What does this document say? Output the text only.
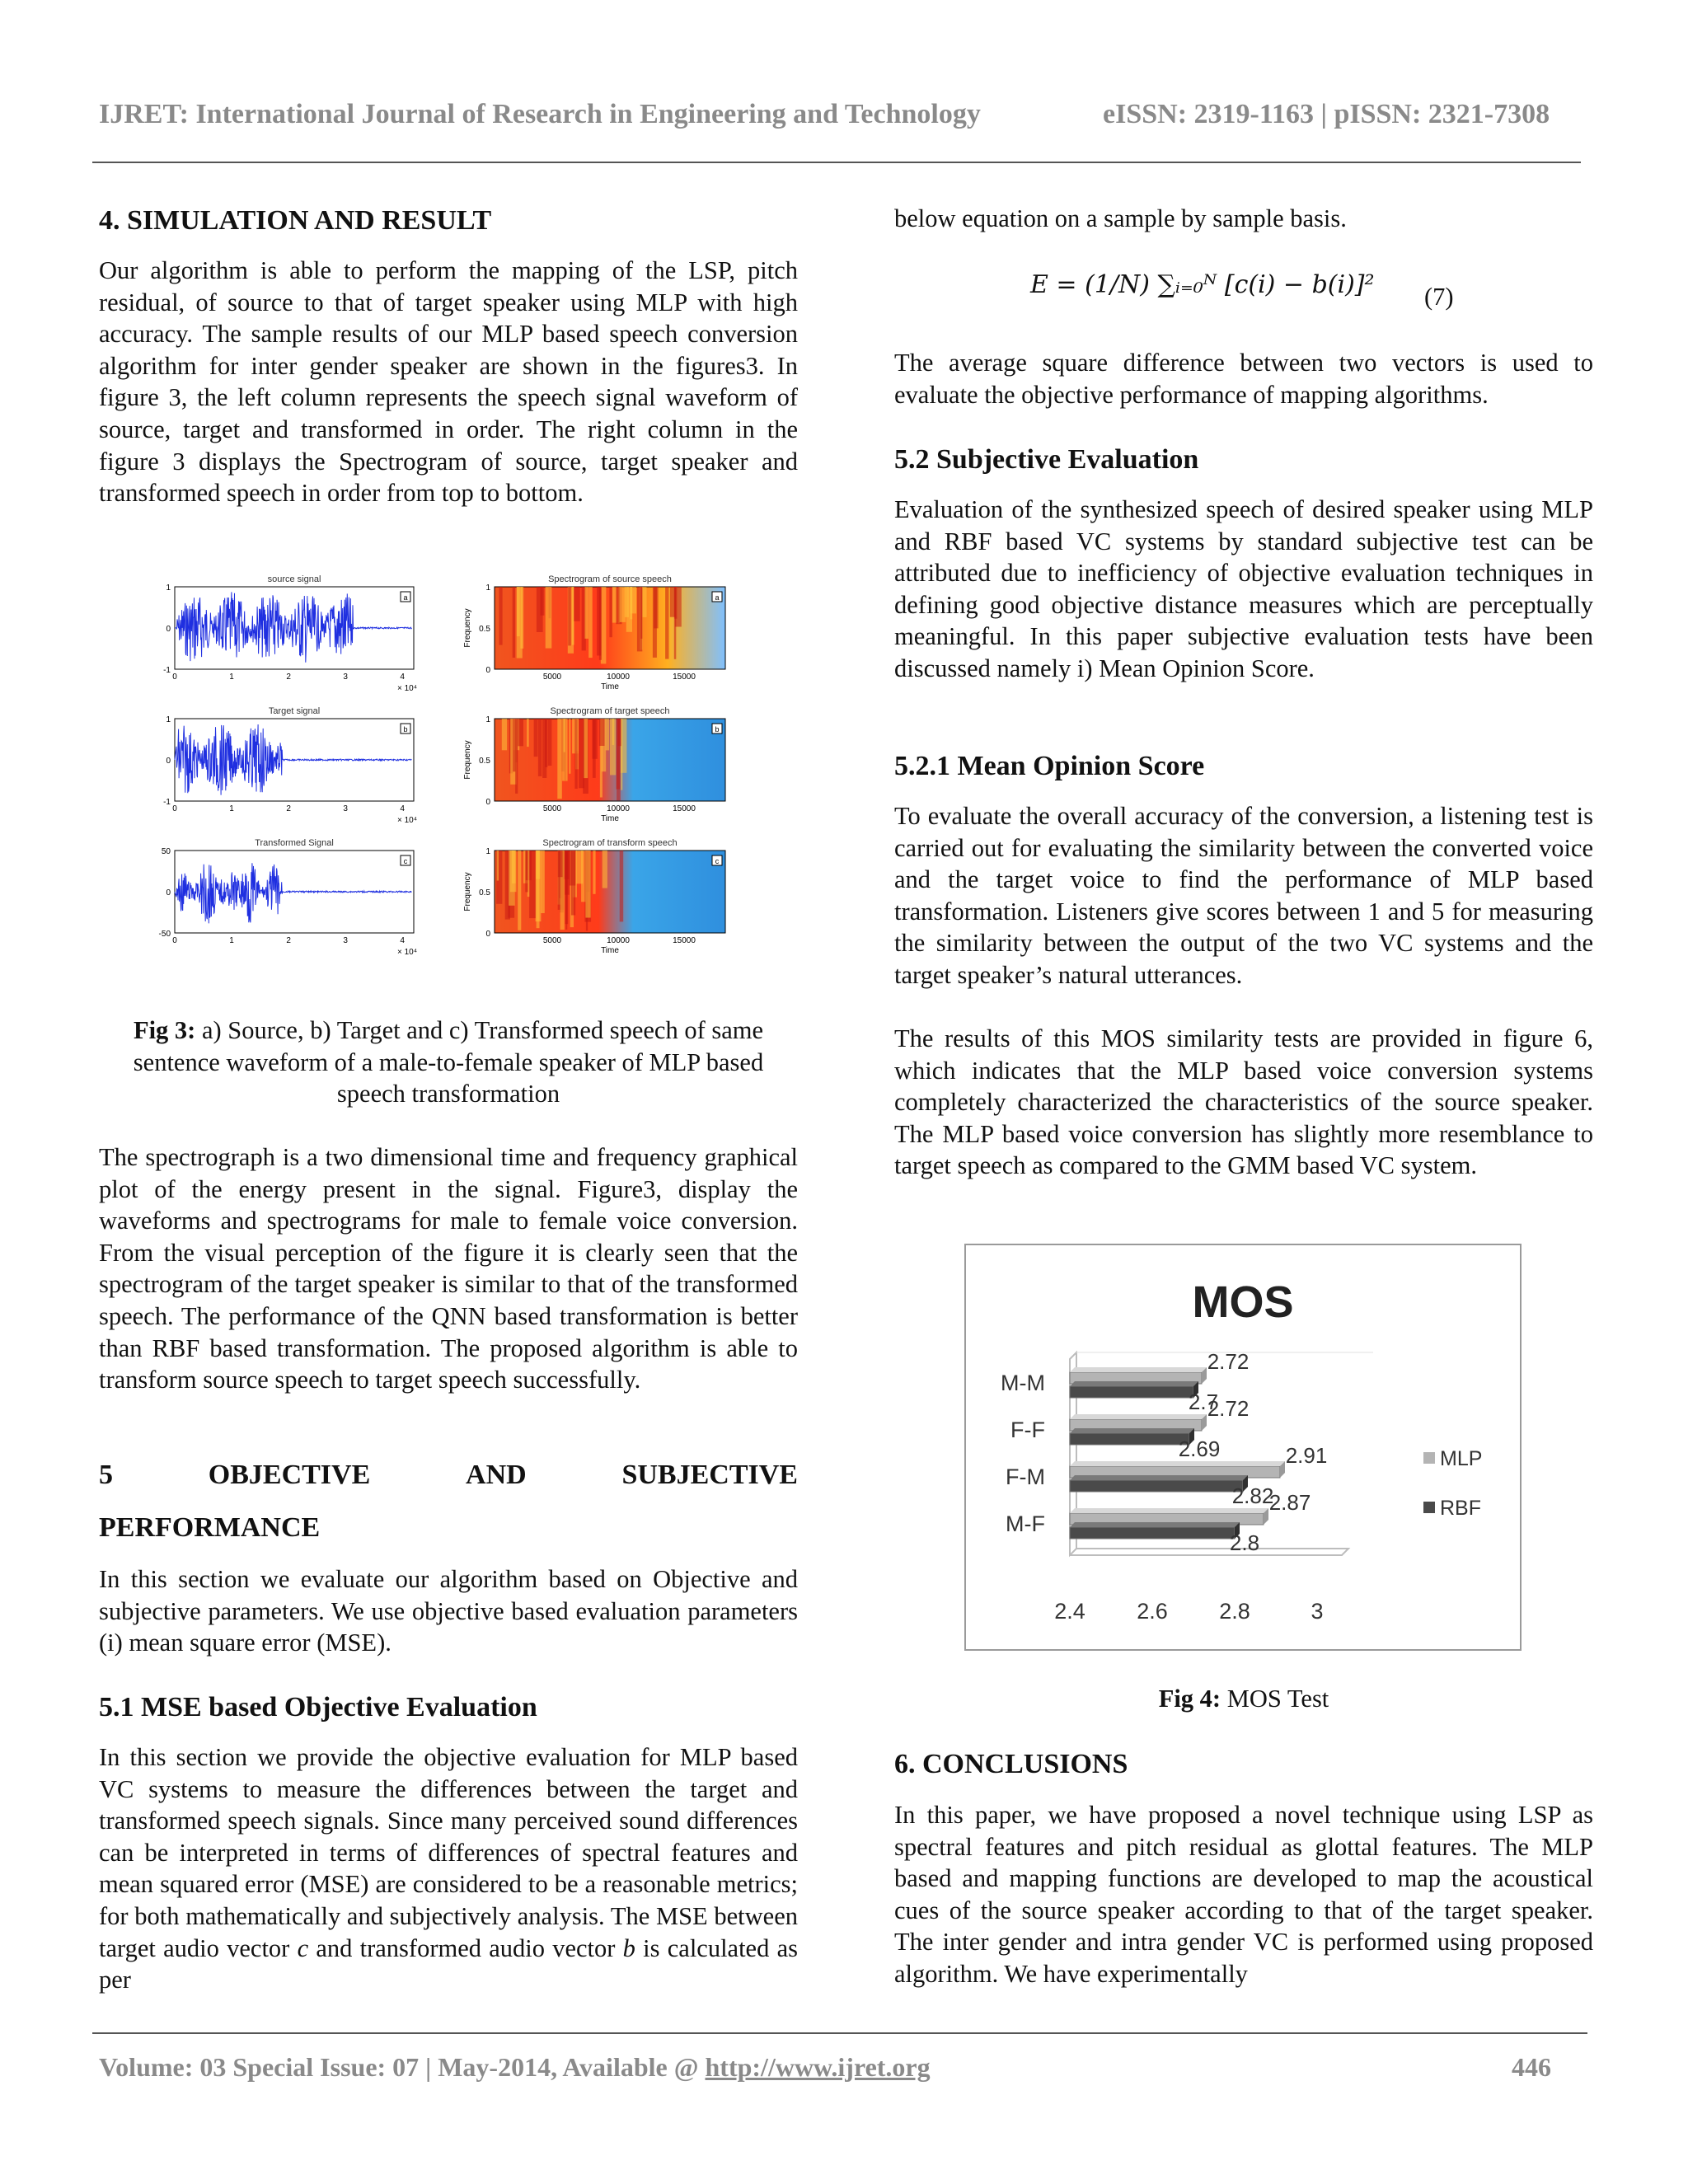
IJRET: International Journal of Research in Engineering and Technology	eISSN: 2319-1163 | pISSN: 2321-7308
4. SIMULATION AND RESULT

Our algorithm is able to perform the mapping of the LSP, pitch residual, of source to that of target speaker using MLP with high accuracy. The sample results of our MLP based speech conversion algorithm for inter gender speaker are shown in the figures3. In figure 3, the left column represents the speech signal waveform of source, target and transformed in order. The right column in the figure 3 displays the Spectrogram of source, target speaker and transformed speech in order from top to bottom.

source signal
a
1
0
-1
0	1	2	3	4
× 10⁴
Spectrogram of source speech
a
1
0.5
0
5000	10000	15000
Time
Frequency
Target signal
b
1
0
-1
0	1	2	3	4
× 10⁴
Spectrogram of target speech
b
1
0.5
0
5000	10000	15000
Time
Frequency
Transformed Signal
c
50
0
-50
0	1	2	3	4
× 10⁴
Spectrogram of transform speech
c
1
0.5
0
5000	10000	15000
Time
Frequency
Fig 3: a) Source, b) Target and c) Transformed speech of same sentence waveform of a male-to-female speaker of MLP based speech transformation

The spectrograph is a two dimensional time and frequency graphical plot of the energy present in the signal. Figure3, display the waveforms and spectrograms for male to female voice conversion. From the visual perception of the figure it is clearly seen that the spectrogram of the target speaker is similar to that of the transformed speech. The performance of the QNN based transformation is better than RBF based transformation. The proposed algorithm is able to transform source speech to target speech successfully.

5	OBJECTIVE	AND	SUBJECTIVE
PERFORMANCE

In this section we evaluate our algorithm based on Objective and subjective parameters. We use objective based evaluation parameters (i) mean square error (MSE).

5.1 MSE based Objective Evaluation

In this section we provide the objective evaluation for MLP based VC systems to measure the differences between the target and transformed speech signals. Since many perceived sound differences can be interpreted in terms of differences of spectral features and mean squared error (MSE) are considered to be a reasonable metrics; for both mathematically and subjectively analysis. The MSE between target audio vector c and transformed audio vector b is calculated as per

below equation on a sample by sample basis.

E = (1/N) ∑ᵢ₌₀ᴺ [c(i) − b(i)]² (7)

The average square difference between two vectors is used to evaluate the objective performance of mapping algorithms.

5.2 Subjective Evaluation

Evaluation of the synthesized speech of desired speaker using MLP and RBF based VC systems by standard subjective test can be attributed due to inefficiency of objective evaluation techniques in defining good objective distance measures which are perceptually meaningful. In this paper subjective evaluation tests have been discussed namely i) Mean Opinion Score.

5.2.1 Mean Opinion Score

To evaluate the overall accuracy of the conversion, a listening test is carried out for evaluating the similarity between the converted voice and the target voice to find the performance of MLP based transformation. Listeners give scores between 1 and 5 for measuring the similarity between the output of the two VC systems and the target speaker’s natural utterances.

The results of this MOS similarity tests are provided in figure 6, which indicates that the MLP based voice conversion systems completely characterized the characteristics of the source speaker. The MLP based voice conversion has slightly more resemblance to target speech as compared to the GMM based VC system.

MOS
M-M
2.72
2.7
F-F
2.72
2.69
F-M
2.91
2.82
M-F
2.87
2.8
2.4 2.6 2.8	3
MLP
RBF
Fig 4: MOS Test
6. CONCLUSIONS

In this paper, we have proposed a novel technique using LSP as spectral features and pitch residual as glottal features. The MLP based and mapping functions are developed to map the acoustical cues of the source speaker according to that of the target speaker. The inter gender and intra gender VC is performed using proposed algorithm. We have experimentally

Volume: 03 Special Issue: 07 | May-2014, Available @ http://www.ijret.org	446
